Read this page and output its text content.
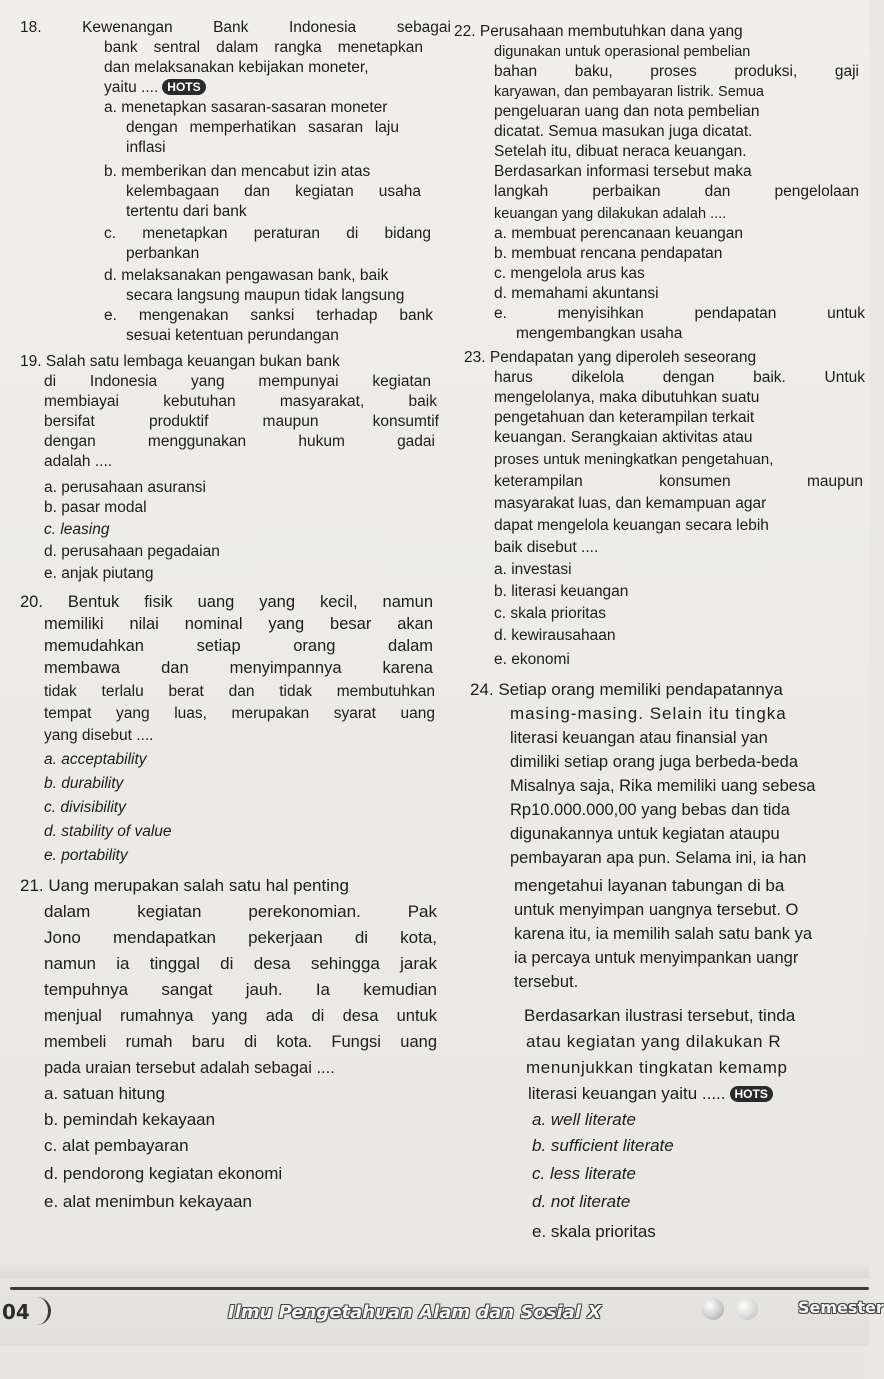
18. Kewenangan Bank Indonesia sebagai
bank sentral dalam rangka menetapkan
dan melaksanakan kebijakan moneter,
yaitu .... HOTS
a. menetapkan sasaran-sasaran moneter
dengan memperhatikan sasaran laju
inflasi
b. memberikan dan mencabut izin atas
kelembagaan dan kegiatan usaha
tertentu dari bank
c. menetapkan peraturan di bidang
perbankan
d. melaksanakan pengawasan bank, baik
secara langsung maupun tidak langsung
e. mengenakan sanksi terhadap bank
sesuai ketentuan perundangan
19. Salah satu lembaga keuangan bukan bank
di Indonesia yang mempunyai kegiatan
membiayai kebutuhan masyarakat, baik
bersifat produktif maupun konsumtif
dengan menggunakan hukum gadai
adalah ....
a. perusahaan asuransi
b. pasar modal
c. leasing
d. perusahaan pegadaian
e. anjak piutang
20. Bentuk fisik uang yang kecil, namun
memiliki nilai nominal yang besar akan
memudahkan setiap orang dalam
membawa dan menyimpannya karena
tidak terlalu berat dan tidak membutuhkan
tempat yang luas, merupakan syarat uang
yang disebut ....
a. acceptability
b. durability
c. divisibility
d. stability of value
e. portability
21. Uang merupakan salah satu hal penting
dalam kegiatan perekonomian. Pak
Jono mendapatkan pekerjaan di kota,
namun ia tinggal di desa sehingga jarak
tempuhnya sangat jauh. Ia kemudian
menjual rumahnya yang ada di desa untuk
membeli rumah baru di kota. Fungsi uang
pada uraian tersebut adalah sebagai ....
a. satuan hitung
b. pemindah kekayaan
c. alat pembayaran
d. pendorong kegiatan ekonomi
e. alat menimbun kekayaan
22. Perusahaan membutuhkan dana yang
digunakan untuk operasional pembelian
bahan baku, proses produksi, gaji
karyawan, dan pembayaran listrik. Semua
pengeluaran uang dan nota pembelian
dicatat. Semua masukan juga dicatat.
Setelah itu, dibuat neraca keuangan.
Berdasarkan informasi tersebut maka
langkah perbaikan dan pengelolaan
keuangan yang dilakukan adalah ....
a. membuat perencanaan keuangan
b. membuat rencana pendapatan
c. mengelola arus kas
d. memahami akuntansi
e. menyisihkan pendapatan untuk
mengembangkan usaha
23. Pendapatan yang diperoleh seseorang
harus dikelola dengan baik. Untuk
mengelolanya, maka dibutuhkan suatu
pengetahuan dan keterampilan terkait
keuangan. Serangkaian aktivitas atau
proses untuk meningkatkan pengetahuan,
keterampilan konsumen maupun
masyarakat luas, dan kemampuan agar
dapat mengelola keuangan secara lebih
baik disebut ....
a. investasi
b. literasi keuangan
c. skala prioritas
d. kewirausahaan
e. ekonomi
24. Setiap orang memiliki pendapatannya
masing-masing. Selain itu tingka
literasi keuangan atau finansial yan
dimiliki setiap orang juga berbeda-beda
Misalnya saja, Rika memiliki uang sebesa
Rp10.000.000,00 yang bebas dan tida
digunakannya untuk kegiatan ataupu
pembayaran apa pun. Selama ini, ia han
mengetahui layanan tabungan di ba
untuk menyimpan uangnya tersebut. O
karena itu, ia memilih salah satu bank ya
ia percaya untuk menyimpankan uangr
tersebut.
Berdasarkan ilustrasi tersebut, tinda
atau kegiatan yang dilakukan R
menunjukkan tingkatan kemamp
literasi keuangan yaitu ..... HOTS
a. well literate
b. sufficient literate
c. less literate
d. not literate
e. skala prioritas
04	Ilmu Pengetahuan Alam dan Sosial X	Semester
